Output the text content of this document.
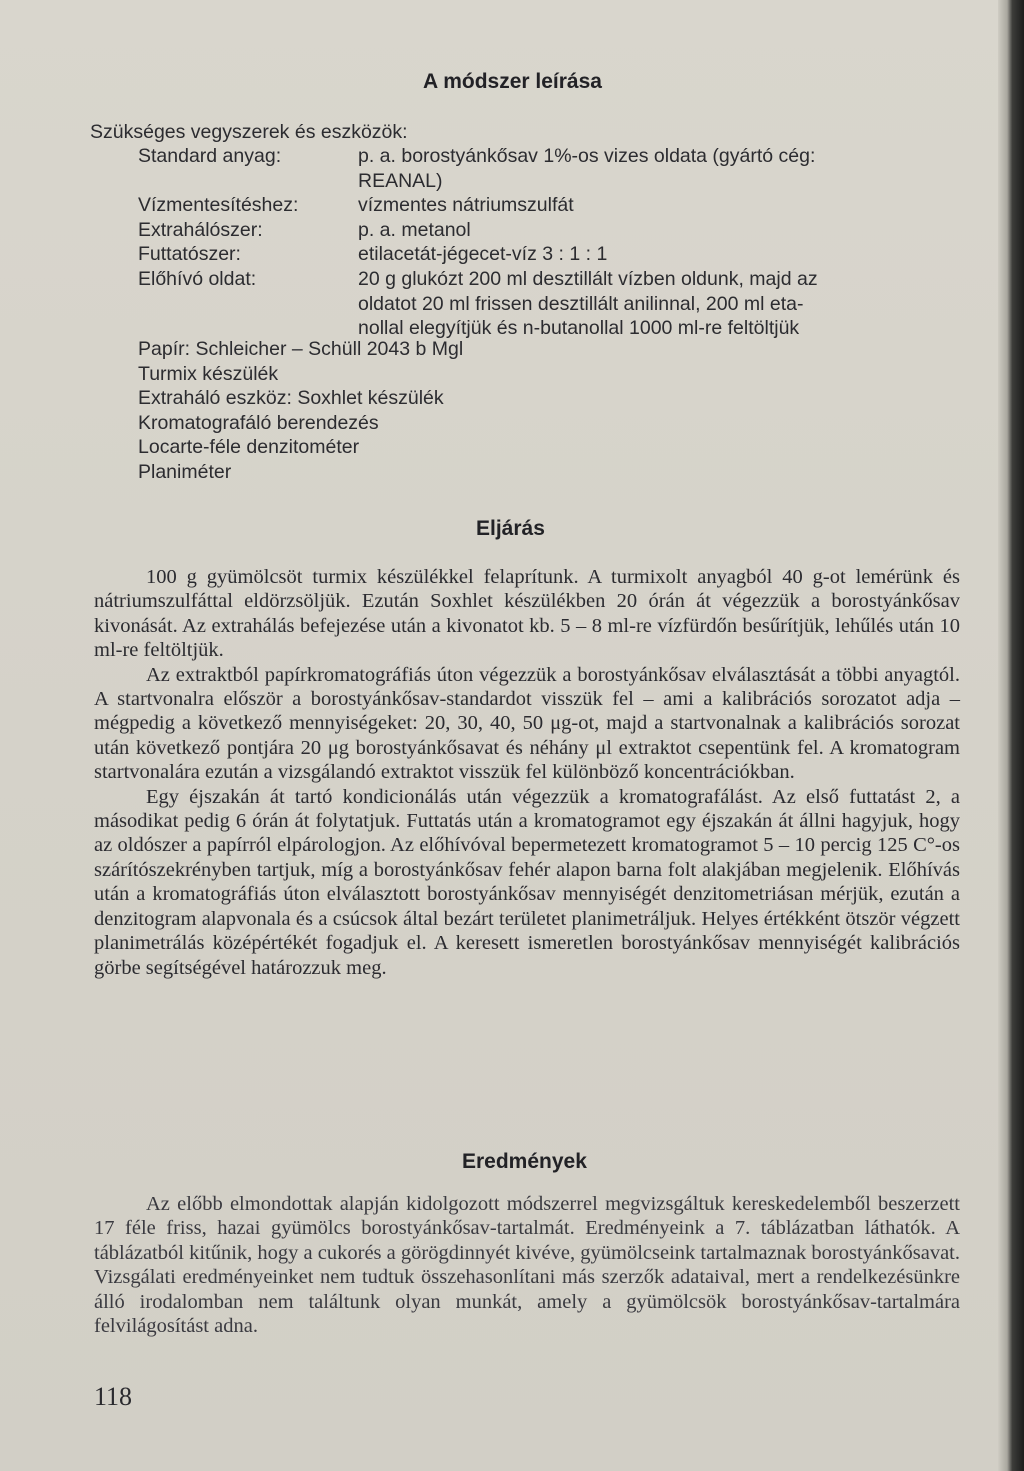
A módszer leírása
Szükséges vegyszerek és eszközök:
Standard anyag:	p. a. borostyánkősav 1%-os vizes oldata (gyártó cég:
REANAL)
Vízmentesítéshez:	vízmentes nátriumszulfát
Extrahálószer:	p. a. metanol
Futtatószer:	etilacetát-jégecet-víz 3 : 1 : 1
Előhívó oldat:	20 g glukózt 200 ml desztillált vízben oldunk, majd az
oldatot 20 ml frissen desztillált anilinnal, 200 ml eta-
nollal elegyítjük és n-butanollal 1000 ml-re feltöltjük
Papír: Schleicher – Schüll 2043 b Mgl
Turmix készülék
Extraháló eszköz: Soxhlet készülék
Kromatografáló berendezés
Locarte-féle denzitométer
Planiméter
Eljárás

100 g gyümölcsöt turmix készülékkel felaprítunk. A turmixolt anyagból 40 g-ot lemérünk és nátriumszulfáttal eldörzsöljük. Ezután Soxhlet készülékben 20 órán át végezzük a borostyánkősav kivonását. Az extrahálás befejezése után a kivonatot kb. 5 – 8 ml-re vízfürdőn besűrítjük, lehűlés után 10 ml-re feltöltjük.

Az extraktból papírkromatográfiás úton végezzük a borostyánkősav elválasztását a többi anyagtól. A startvonalra először a borostyánkősav-standardot visszük fel – ami a kalibrációs sorozatot adja – mégpedig a következő mennyiségeket: 20, 30, 40, 50 μg-ot, majd a startvonalnak a kalibrációs sorozat után következő pontjára 20 μg borostyánkősavat és néhány μl extraktot csepentünk fel. A kromatogram startvonalára ezután a vizsgálandó extraktot visszük fel különböző koncentrációkban.

Egy éjszakán át tartó kondicionálás után végezzük a kromatografálást. Az első futtatást 2, a másodikat pedig 6 órán át folytatjuk. Futtatás után a kromatogramot egy éjszakán át állni hagyjuk, hogy az oldószer a papírról elpárologjon. Az előhívóval bepermetezett kromatogramot 5 – 10 percig 125 C°-os szárítószekrényben tartjuk, míg a borostyánkősav fehér alapon barna folt alakjában megjelenik. Előhívás után a kromatográfiás úton elválasztott borostyánkősav mennyiségét denzitometriásan mérjük, ezután a denzitogram alapvonala és a csúcsok által bezárt területet planimetráljuk. Helyes értékként ötször végzett planimetrálás középértékét fogadjuk el. A keresett ismeretlen borostyánkősav mennyiségét kalibrációs görbe segítségével határozzuk meg.

Eredmények

Az előbb elmondottak alapján kidolgozott módszerrel megvizsgáltuk kereskedelemből beszerzett 17 féle friss, hazai gyümölcs borostyánkősav-tartalmát. Eredményeink a 7. táblázatban láthatók. A táblázatból kitűnik, hogy a cukorés a görögdinnyét kivéve, gyümölcseink tartalmaznak borostyánkősavat. Vizsgálati eredményeinket nem tudtuk összehasonlítani más szerzők adataival, mert a rendelkezésünkre álló irodalomban nem találtunk olyan munkát, amely a gyümölcsök borostyánkősav-tartalmára felvilágosítást adna.

118
